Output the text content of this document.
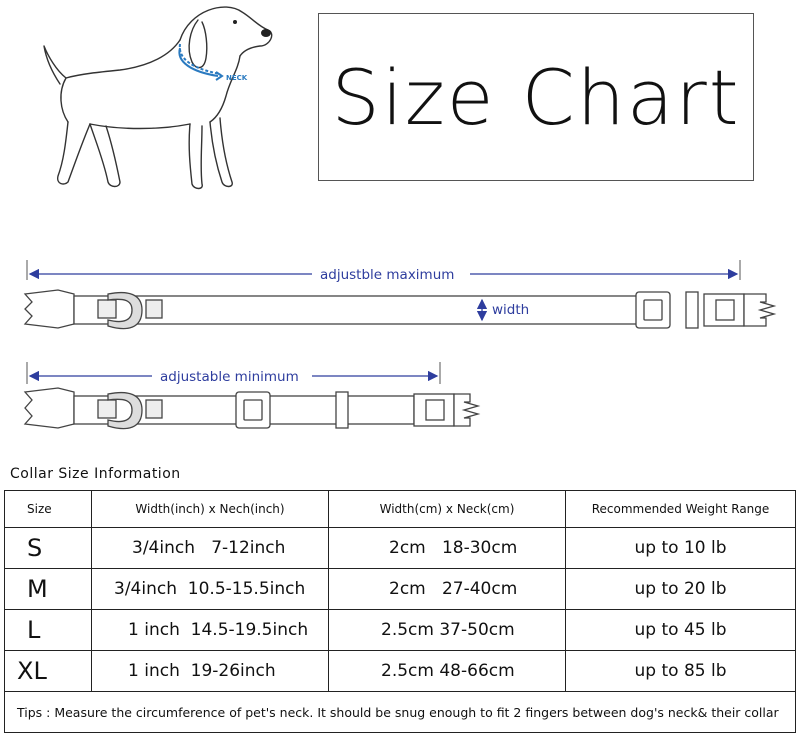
NECK Size Chart
adjustble maximum
width
adjustable minimum
Collar Size Information
Size	Width(inch) x Nech(inch)	Width(cm) x Neck(cm)	Recommended Weight Range
S	3/4inch 7-12inch	2cm 18-30cm	up to 10 lb
M	3/4inch 10.5-15.5inch	2cm 27-40cm	up to 20 lb
L	1 inch 14.5-19.5inch	2.5cm 37-50cm	up to 45 lb
XL	1 inch 19-26inch	2.5cm 48-66cm	up to 85 lb
Tips : Measure the circumference of pet's neck. It should be snug enough to fit 2 fingers between dog's neck& their collar			
